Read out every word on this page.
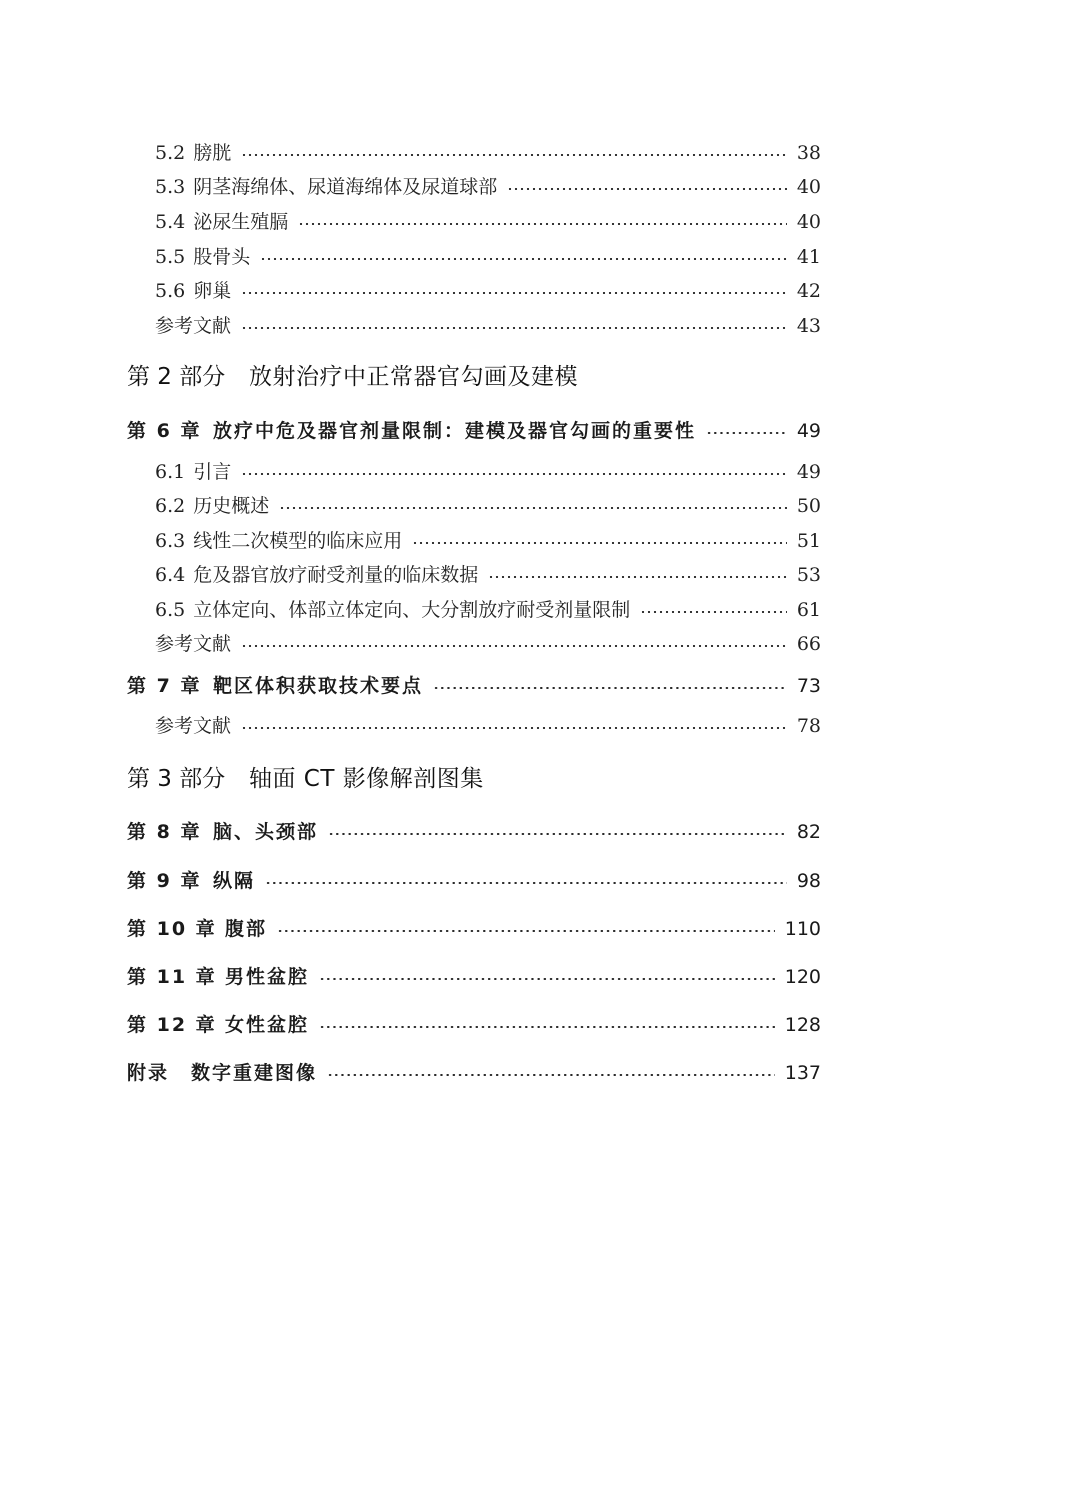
5.2 膀胱	38
5.3 阴茎海绵体、尿道海绵体及尿道球部	40
5.4 泌尿生殖膈	40
5.5 股骨头	41
5.6 卵巢	42
参考文献	43
第 2 部分	放射治疗中正常器官勾画及建模
第 6 章 放疗中危及器官剂量限制：建模及器官勾画的重要性	49
6.1 引言	49
6.2 历史概述	50
6.3 线性二次模型的临床应用	51
6.4 危及器官放疗耐受剂量的临床数据	53
6.5 立体定向、体部立体定向、大分割放疗耐受剂量限制	61
参考文献	66
第 7 章 靶区体积获取技术要点	73
参考文献	78
第 3 部分	轴面 CT 影像解剖图集
第 8 章 脑、头颈部	82
第 9 章 纵隔	98
第 10 章 腹部	110
第 11 章 男性盆腔	120
第 12 章 女性盆腔	128
附录	数字重建图像	137
